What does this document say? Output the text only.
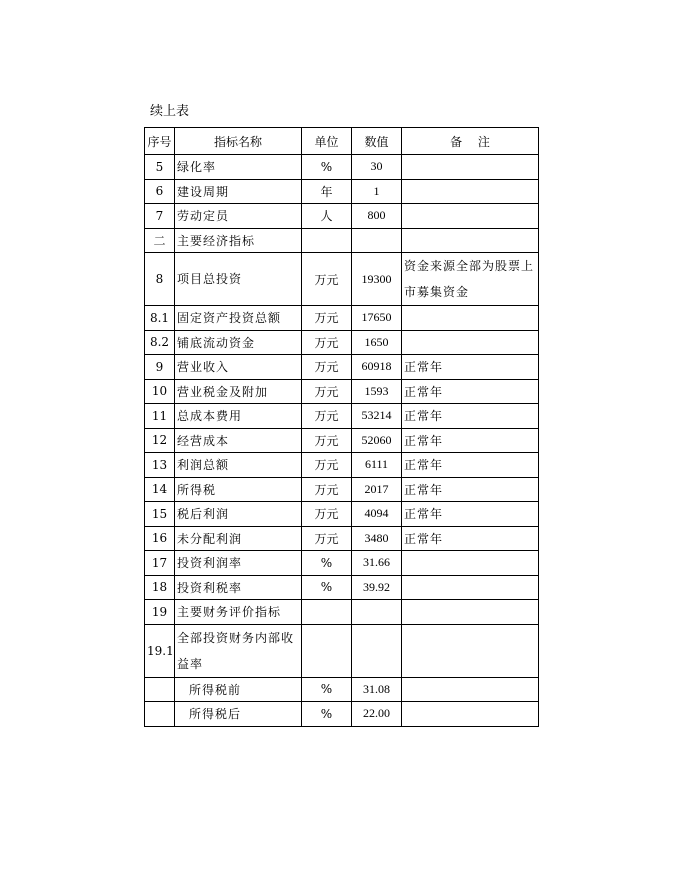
续上表
序号	指标名称	单位	数值	备　 注
5	绿化率	%	30	
6	建设周期	年	1	
7	劳动定员	人	800	
二	主要经济指标			
8	项目总投资	万元	19300	资金来源全部为股票上市募集资金
8.1	固定资产投资总额	万元	17650	
8.2	铺底流动资金	万元	1650	
9	营业收入	万元	60918	正常年
10	营业税金及附加	万元	1593	正常年
11	总成本费用	万元	53214	正常年
12	经营成本	万元	52060	正常年
13	利润总额	万元	6111	正常年
14	所得税	万元	2017	正常年
15	税后利润	万元	4094	正常年
16	未分配利润	万元	3480	正常年
17	投资利润率	%	31.66	
18	投资利税率	%	39.92	
19	主要财务评价指标			
19.1	全部投资财务内部收益率			
	所得税前	%	31.08	
	所得税后	%	22.00	
